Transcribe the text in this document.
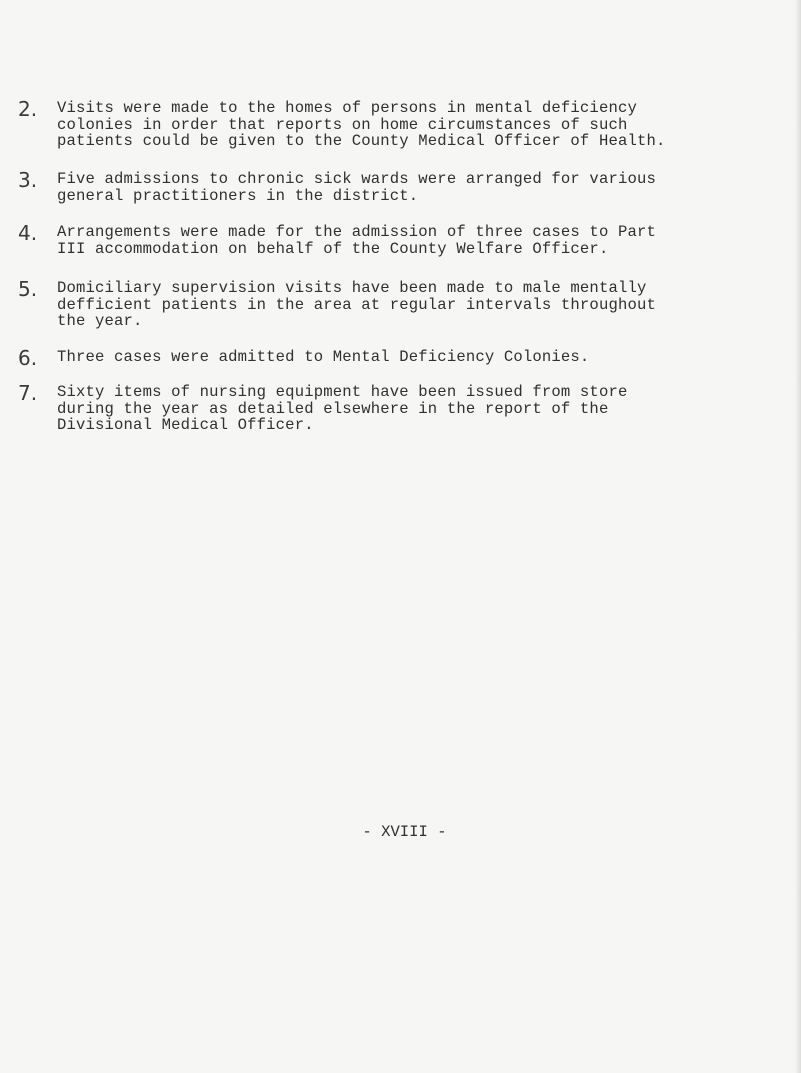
2.	Visits were made to the homes of persons in mental deficiency
colonies in order that reports on home circumstances of such
patients could be given to the County Medical Officer of Health.
3.	Five admissions to chronic sick wards were arranged for various
general practitioners in the district.
4.	Arrangements were made for the admission of three cases to Part
III accommodation on behalf of the County Welfare Officer.
5.	Domiciliary supervision visits have been made to male mentally
defficient patients in the area at regular intervals throughout
the year.
6.	Three cases were admitted to Mental Deficiency Colonies.
7.	Sixty items of nursing equipment have been issued from store
during the year as detailed elsewhere in the report of the
Divisional Medical Officer.
- XVIII -
